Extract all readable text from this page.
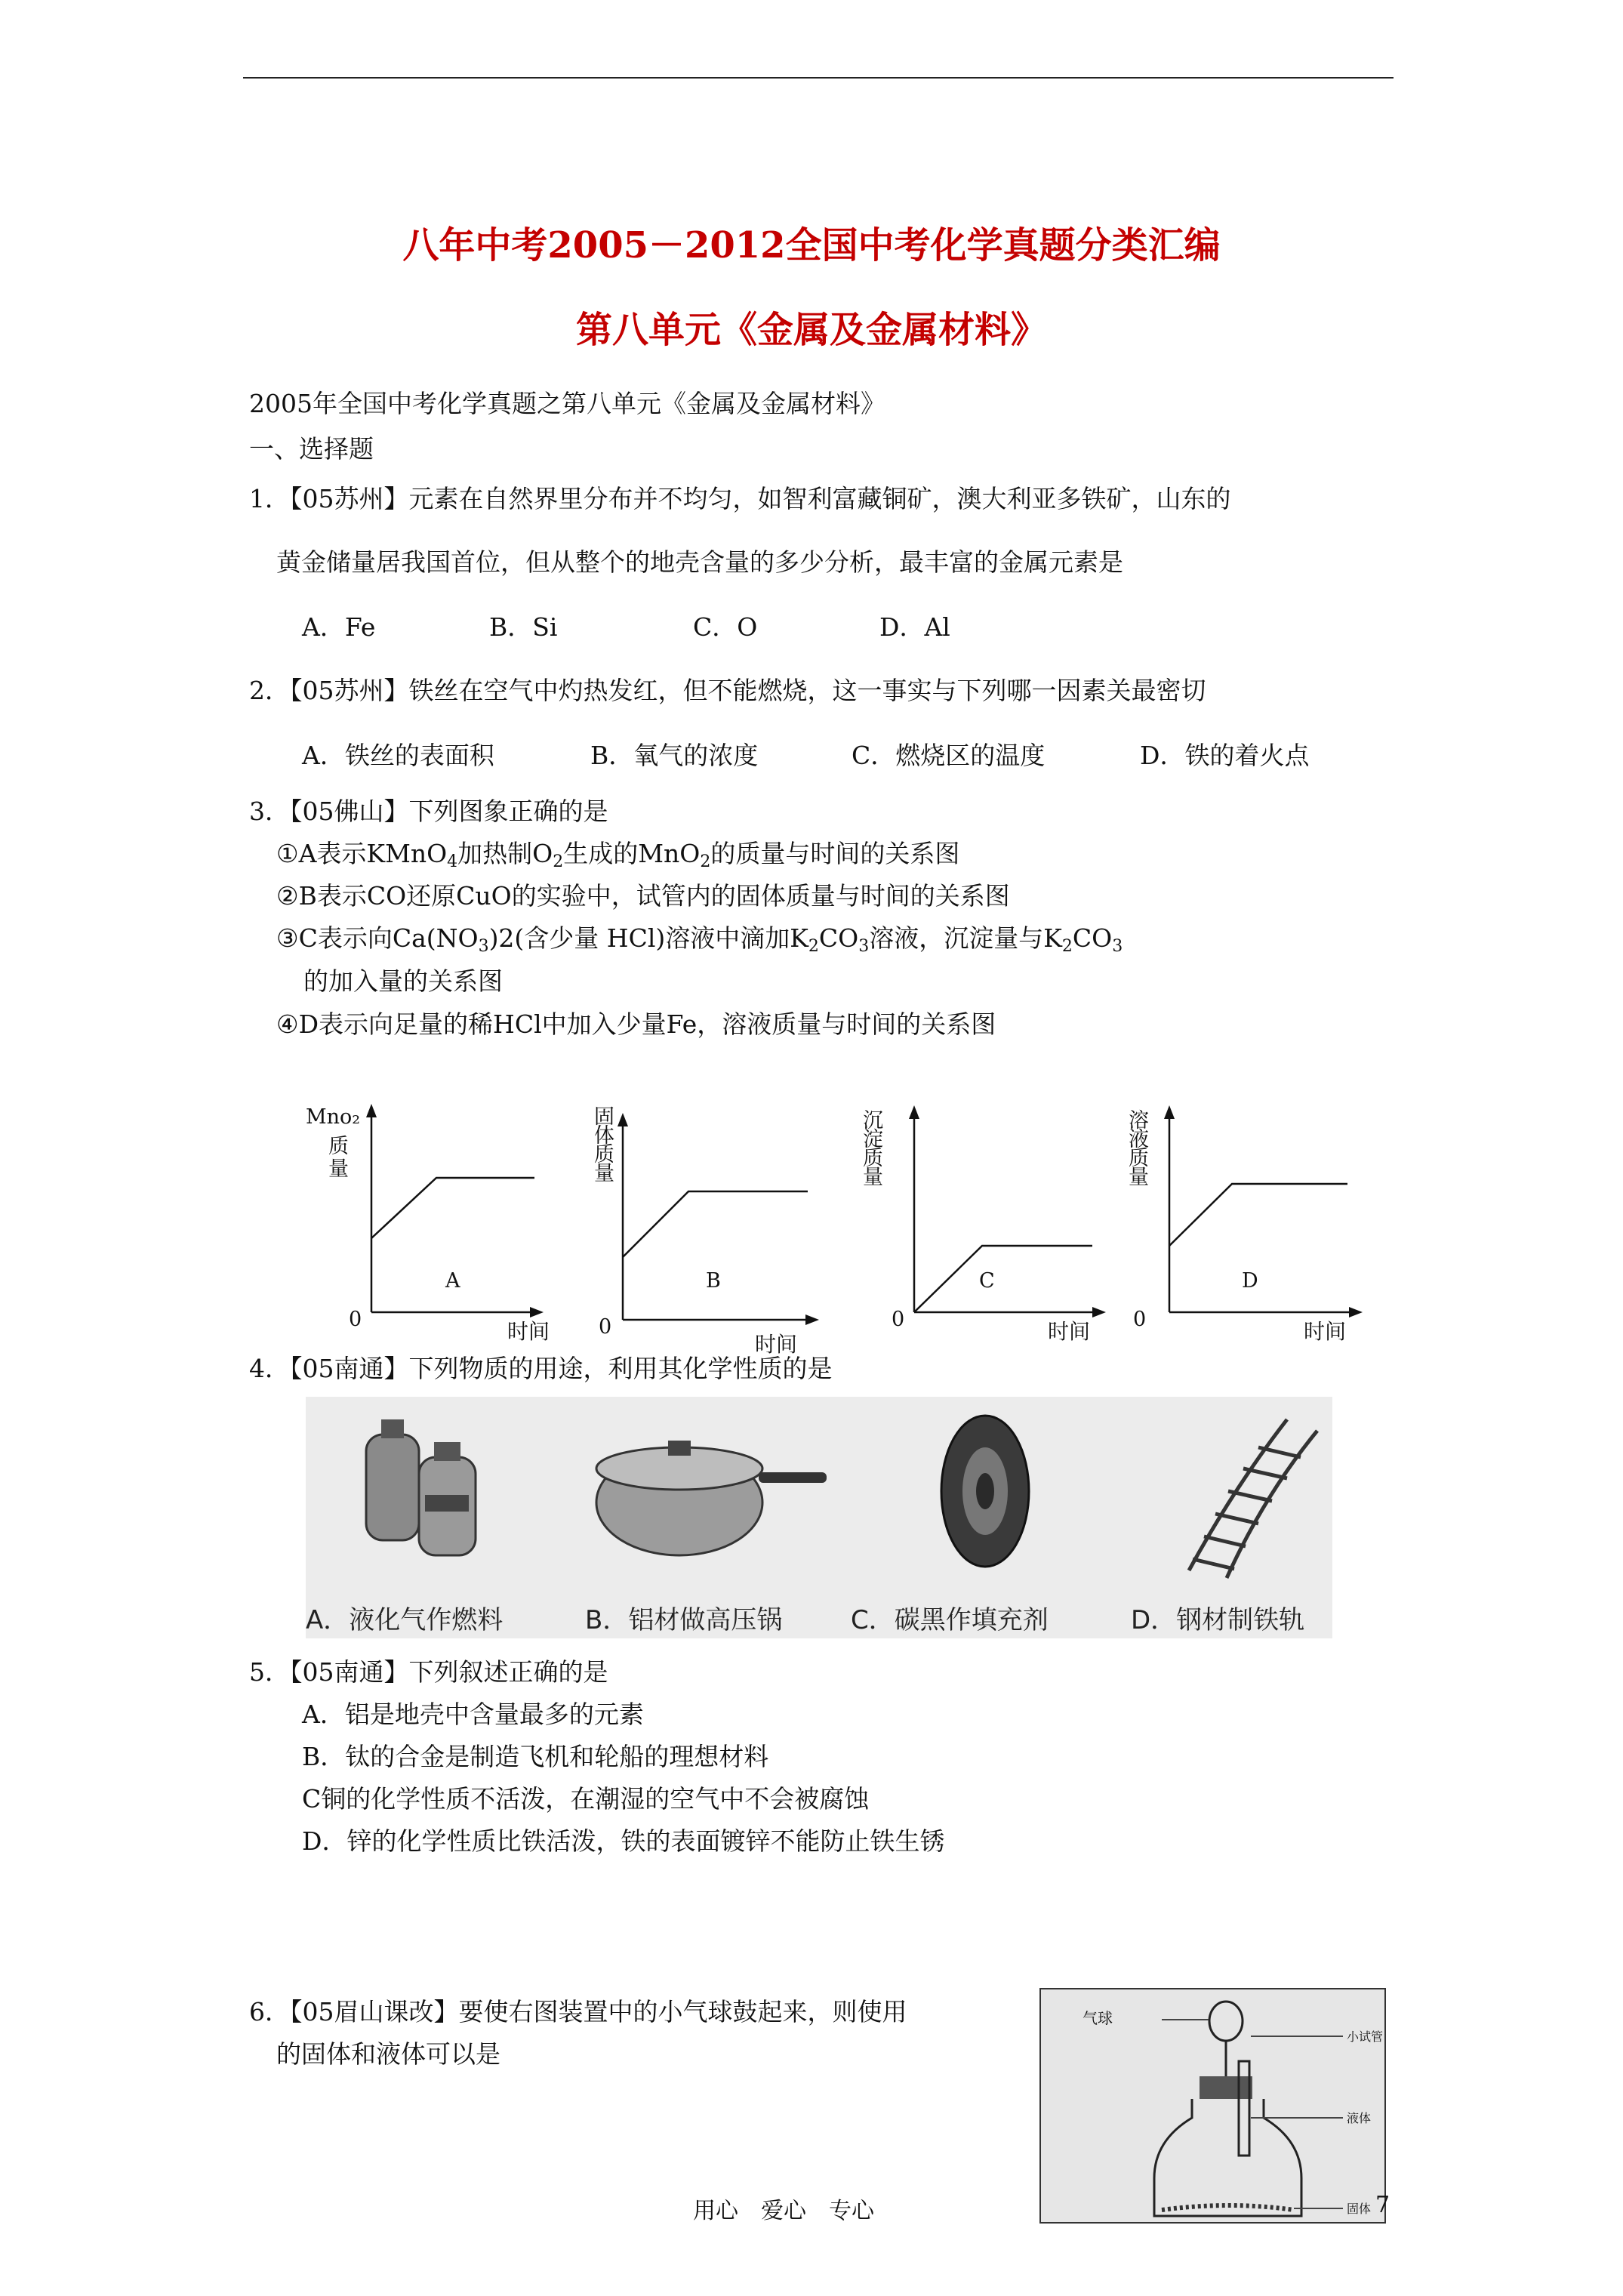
八年中考2005－2012全国中考化学真题分类汇编
第八单元《金属及金属材料》
2005年全国中考化学真题之第八单元《金属及金属材料》
一、选择题
1．【05苏州】元素在自然界里分布并不均匀，如智利富藏铜矿，澳大利亚多铁矿，山东的
黄金储量居我国首位，但从整个的地壳含量的多少分析，最丰富的金属元素是
A．Fe	B．Si	C．O	D．Al
2．【05苏州】铁丝在空气中灼热发红，但不能燃烧，这一事实与下列哪一因素关最密切
A．铁丝的表面积	B．氧气的浓度	C．燃烧区的温度	D．铁的着火点
3．【05佛山】下列图象正确的是
①A表示KMnO$_4$加热制$O_2$生成的MnO$_2$的质量与时间的关系图
②B表示CO还原CuO的实验中，试管内的固体质量与时间的关系图
③C表示向$Ca(NO_3)2$(含少量 HCl)溶液中滴加$K_2CO_3$溶液，沉淀量与$K_2CO_3$
的加入量的关系图
④D表示向足量的稀HCl中加入少量Fe，溶液质量与时间的关系图
Mno₂
质
量
A
0
固
体
质
量
B
0
沉
淀
质
量
C
0
溶
液
质
量
D
0
时间
时间
时间	时间
4．【05南通】下列物质的用途，利用其化学性质的是
A．液化气作燃料	B．铝材做高压锅	C．碳黑作填充剂	D．钢材制铁轨
5．【05南通】下列叙述正确的是
A．铝是地壳中含量最多的元素
B．钛的合金是制造飞机和轮船的理想材料
C铜的化学性质不活泼，在潮湿的空气中不会被腐蚀
D．锌的化学性质比铁活泼，铁的表面镀锌不能防止铁生锈
6．【05眉山课改】要使右图装置中的小气球鼓起来，则使用
的固体和液体可以是
气球
小试管
液体
固体
用心　爱心　专心	7
